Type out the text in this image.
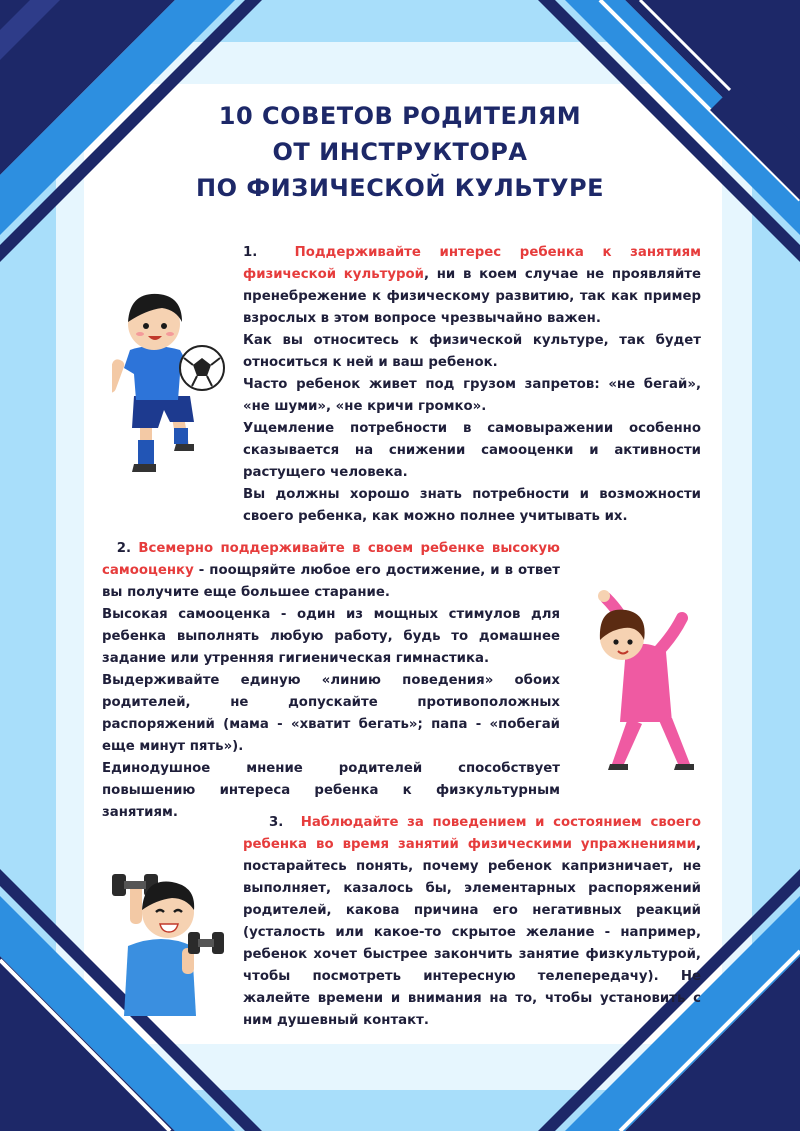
10 СОВЕТОВ РОДИТЕЛЯМ
ОТ ИНСТРУКТОРА
ПО ФИЗИЧЕСКОЙ КУЛЬТУРЕ

1.	Поддерживайте интерес ребенка к занятиям физической культурой, ни в коем случае не проявляйте пренебрежение к физическому развитию, так как пример взрослых в этом вопросе чрезвычайно важен.

Как вы относитесь к физической культуре, так будет относиться к ней и ваш ребенок.

Часто ребенок живет под грузом запретов: «не бегай», «не шуми», «не кричи громко».

Ущемление потребности в самовыражении особенно сказывается на снижении самооценки и активности растущего человека.

Вы должны хорошо знать потребности и возможности своего ребенка, как можно полнее учитывать их.

2. Всемерно поддерживайте в своем ребенке высокую самооценку - поощряйте любое его достижение, и в ответ вы получите еще большее старание.

Высокая самооценка - один из мощных стимулов для ребенка выполнять любую работу, будь то домашнее задание или утренняя гигиеническая гимнастика.

Выдерживайте единую «линию поведения» обоих родителей, не допускайте противоположных распоряжений (мама - «хватит бегать»; папа - «побегай еще минут пять»).

Единодушное мнение родителей способствует повышению интереса ребенка к физкультурным занятиям.

3. Наблюдайте за поведением и состоянием своего ребенка во время занятий физическими упражнениями, постарайтесь понять, почему ребенок капризничает, не выполняет, казалось бы, элементарных распоряжений родителей, какова причина его негативных реакций (усталость или какое-то скрытое желание - например, ребенок хочет быстрее закончить занятие физкультурой, чтобы посмотреть интересную телепередачу). Не жалейте времени и внимания на то, чтобы установить с ним душевный контакт.
